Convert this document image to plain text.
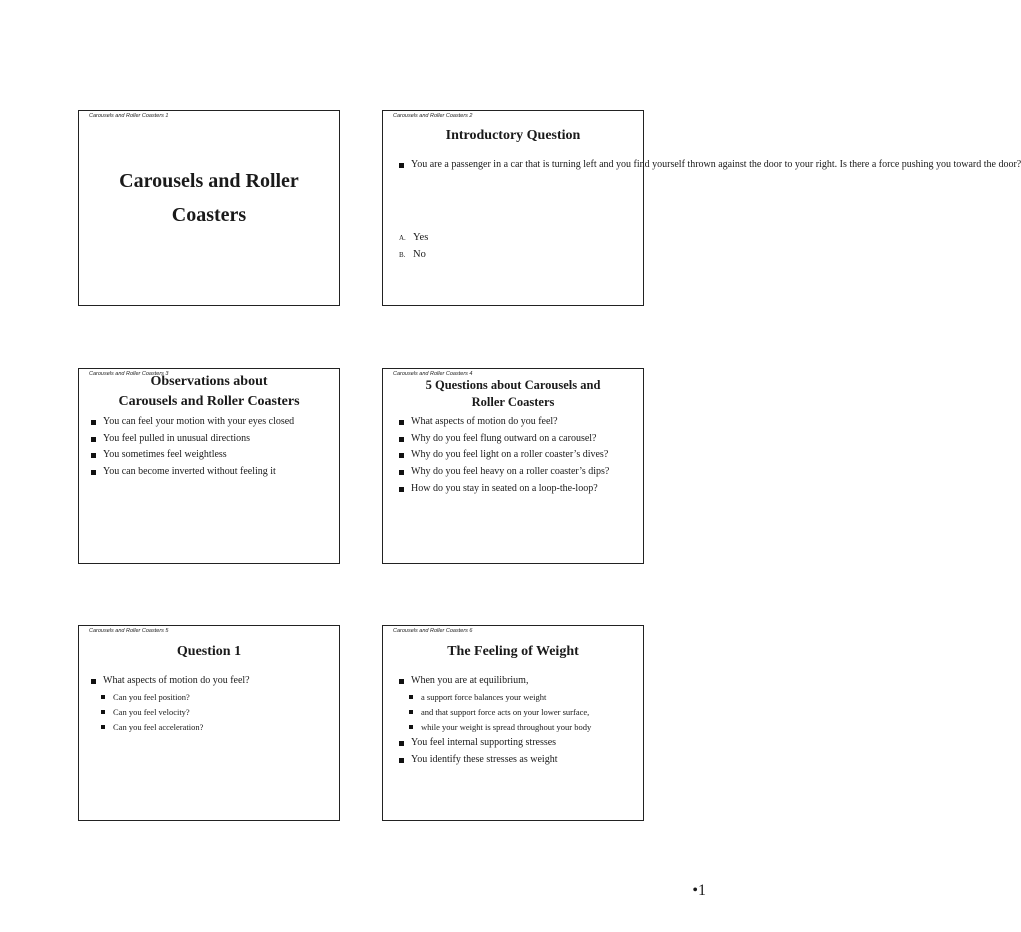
Carousels and Roller Coasters 1
Carousels and Roller
Coasters
Carousels and Roller Coasters 2
Introductory Question
You are a passenger in a car that is turning left and you find yourself thrown against the door to your right. Is there a force pushing you toward the door?
A. Yes
B. No
Carousels and Roller Coasters 3
Observations about
Carousels and Roller Coasters
You can feel your motion with your eyes closed
You feel pulled in unusual directions
You sometimes feel weightless
You can become inverted without feeling it
Carousels and Roller Coasters 4
5 Questions about Carousels and
Roller Coasters
What aspects of motion do you feel?
Why do you feel flung outward on a carousel?
Why do you feel light on a roller coaster’s dives?
Why do you feel heavy on a roller coaster’s dips?
How do you stay in seated on a loop-the-loop?
Carousels and Roller Coasters 5
Question 1
What aspects of motion do you feel?
Can you feel position?
Can you feel velocity?
Can you feel acceleration?
Carousels and Roller Coasters 6
The Feeling of Weight
When you are at equilibrium,
a support force balances your weight
and that support force acts on your lower surface,
while your weight is spread throughout your body
You feel internal supporting stresses
You identify these stresses as weight
•1
